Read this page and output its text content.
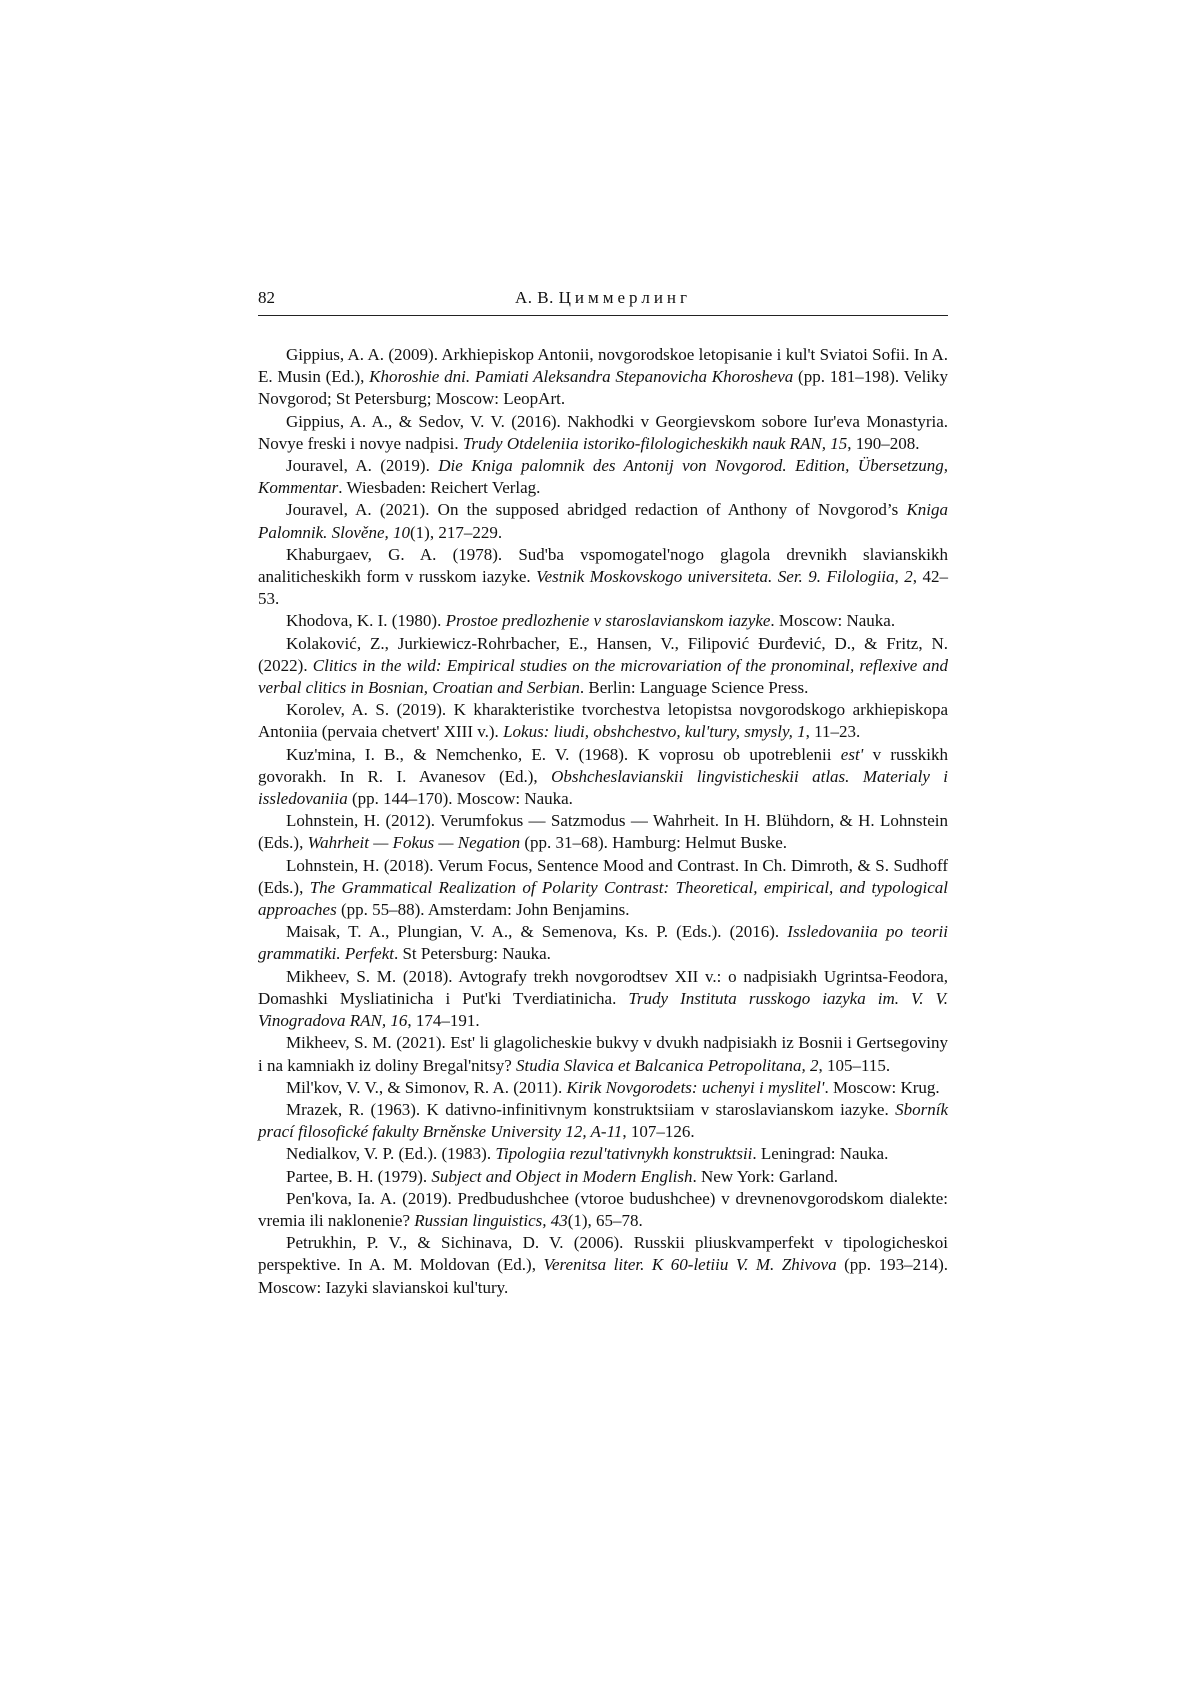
82	А. В. Циммерлинг

Gippius, A. A. (2009). Arkhiepiskop Antonii, novgorodskoe letopisanie i kul't Sviatoi Sofii. In A. E. Musin (Ed.), Khoroshie dni. Pamiati Aleksandra Stepanovicha Khorosheva (pp. 181–198). Veliky Novgorod; St Petersburg; Moscow: LeopArt.

Gippius, A. A., & Sedov, V. V. (2016). Nakhodki v Georgievskom sobore Iur'eva Monastyria. Novye freski i novye nadpisi. Trudy Otdeleniia istoriko-filologicheskikh nauk RAN, 15, 190–208.

Jouravel, A. (2019). Die Kniga palomnik des Antonij von Novgorod. Edition, Übersetzung, Kommentar. Wiesbaden: Reichert Verlag.

Jouravel, A. (2021). On the supposed abridged redaction of Anthony of Novgorod’s Kniga Palomnik. Slověne, 10(1), 217–229.

Khaburgaev, G. A. (1978). Sud'ba vspomogatel'nogo glagola drevnikh slavianskikh analiticheskikh form v russkom iazyke. Vestnik Moskovskogo universiteta. Ser. 9. Filologiia, 2, 42–53.

Khodova, K. I. (1980). Prostoe predlozhenie v staroslavianskom iazyke. Moscow: Nauka.

Kolaković, Z., Jurkiewicz-Rohrbacher, E., Hansen, V., Filipović Đurđević, D., & Fritz, N. (2022). Clitics in the wild: Empirical studies on the microvariation of the pronominal, reflexive and verbal clitics in Bosnian, Croatian and Serbian. Berlin: Language Science Press.

Korolev, A. S. (2019). K kharakteristike tvorchestva letopistsa novgorodskogo arkhiepiskopa Antoniia (pervaia chetvert' XIII v.). Lokus: liudi, obshchestvo, kul'tury, smysly, 1, 11–23.

Kuz'mina, I. B., & Nemchenko, E. V. (1968). K voprosu ob upotreblenii est' v russkikh govorakh. In R. I. Avanesov (Ed.), Obshcheslavianskii lingvisticheskii atlas. Materialy i issledovaniia (pp. 144–170). Moscow: Nauka.

Lohnstein, H. (2012). Verumfokus — Satzmodus — Wahrheit. In H. Blühdorn, & H. Lohnstein (Eds.), Wahrheit — Fokus — Negation (pp. 31–68). Hamburg: Helmut Buske.

Lohnstein, H. (2018). Verum Focus, Sentence Mood and Contrast. In Ch. Dimroth, & S. Sudhoff (Eds.), The Grammatical Realization of Polarity Contrast: Theoretical, empirical, and typological approaches (pp. 55–88). Amsterdam: John Benjamins.

Maisak, T. A., Plungian, V. A., & Semenova, Ks. P. (Eds.). (2016). Issledovaniia po teorii grammatiki. Perfekt. St Petersburg: Nauka.

Mikheev, S. M. (2018). Avtografy trekh novgorodtsev XII v.: o nadpisiakh Ugrintsa-Feodora, Domashki Mysliatinicha i Put'ki Tverdiatinicha. Trudy Instituta russkogo iazyka im. V. V. Vinogradova RAN, 16, 174–191.

Mikheev, S. M. (2021). Est' li glagolicheskie bukvy v dvukh nadpisiakh iz Bosnii i Gertsegoviny i na kamniakh iz doliny Bregal'nitsy? Studia Slavica et Balcanica Petropolitana, 2, 105–115.

Mil'kov, V. V., & Simonov, R. A. (2011). Kirik Novgorodets: uchenyi i myslitel'. Moscow: Krug.

Mrazek, R. (1963). K dativno-infinitivnym konstruktsiiam v staroslavianskom iazyke. Sborník prací filosofické fakulty Brněnske University 12, A-11, 107–126.

Nedialkov, V. P. (Ed.). (1983). Tipologiia rezul'tativnykh konstruktsii. Leningrad: Nauka.

Partee, B. H. (1979). Subject and Object in Modern English. New York: Garland.

Pen'kova, Ia. A. (2019). Predbudushchee (vtoroe budushchee) v drevnenovgorodskom dialekte: vremia ili naklonenie? Russian linguistics, 43(1), 65–78.

Petrukhin, P. V., & Sichinava, D. V. (2006). Russkii pliuskvamperfekt v tipologicheskoi perspektive. In A. M. Moldovan (Ed.), Verenitsa liter. K 60-letiiu V. M. Zhivova (pp. 193–214). Moscow: Iazyki slavianskoi kul'tury.
